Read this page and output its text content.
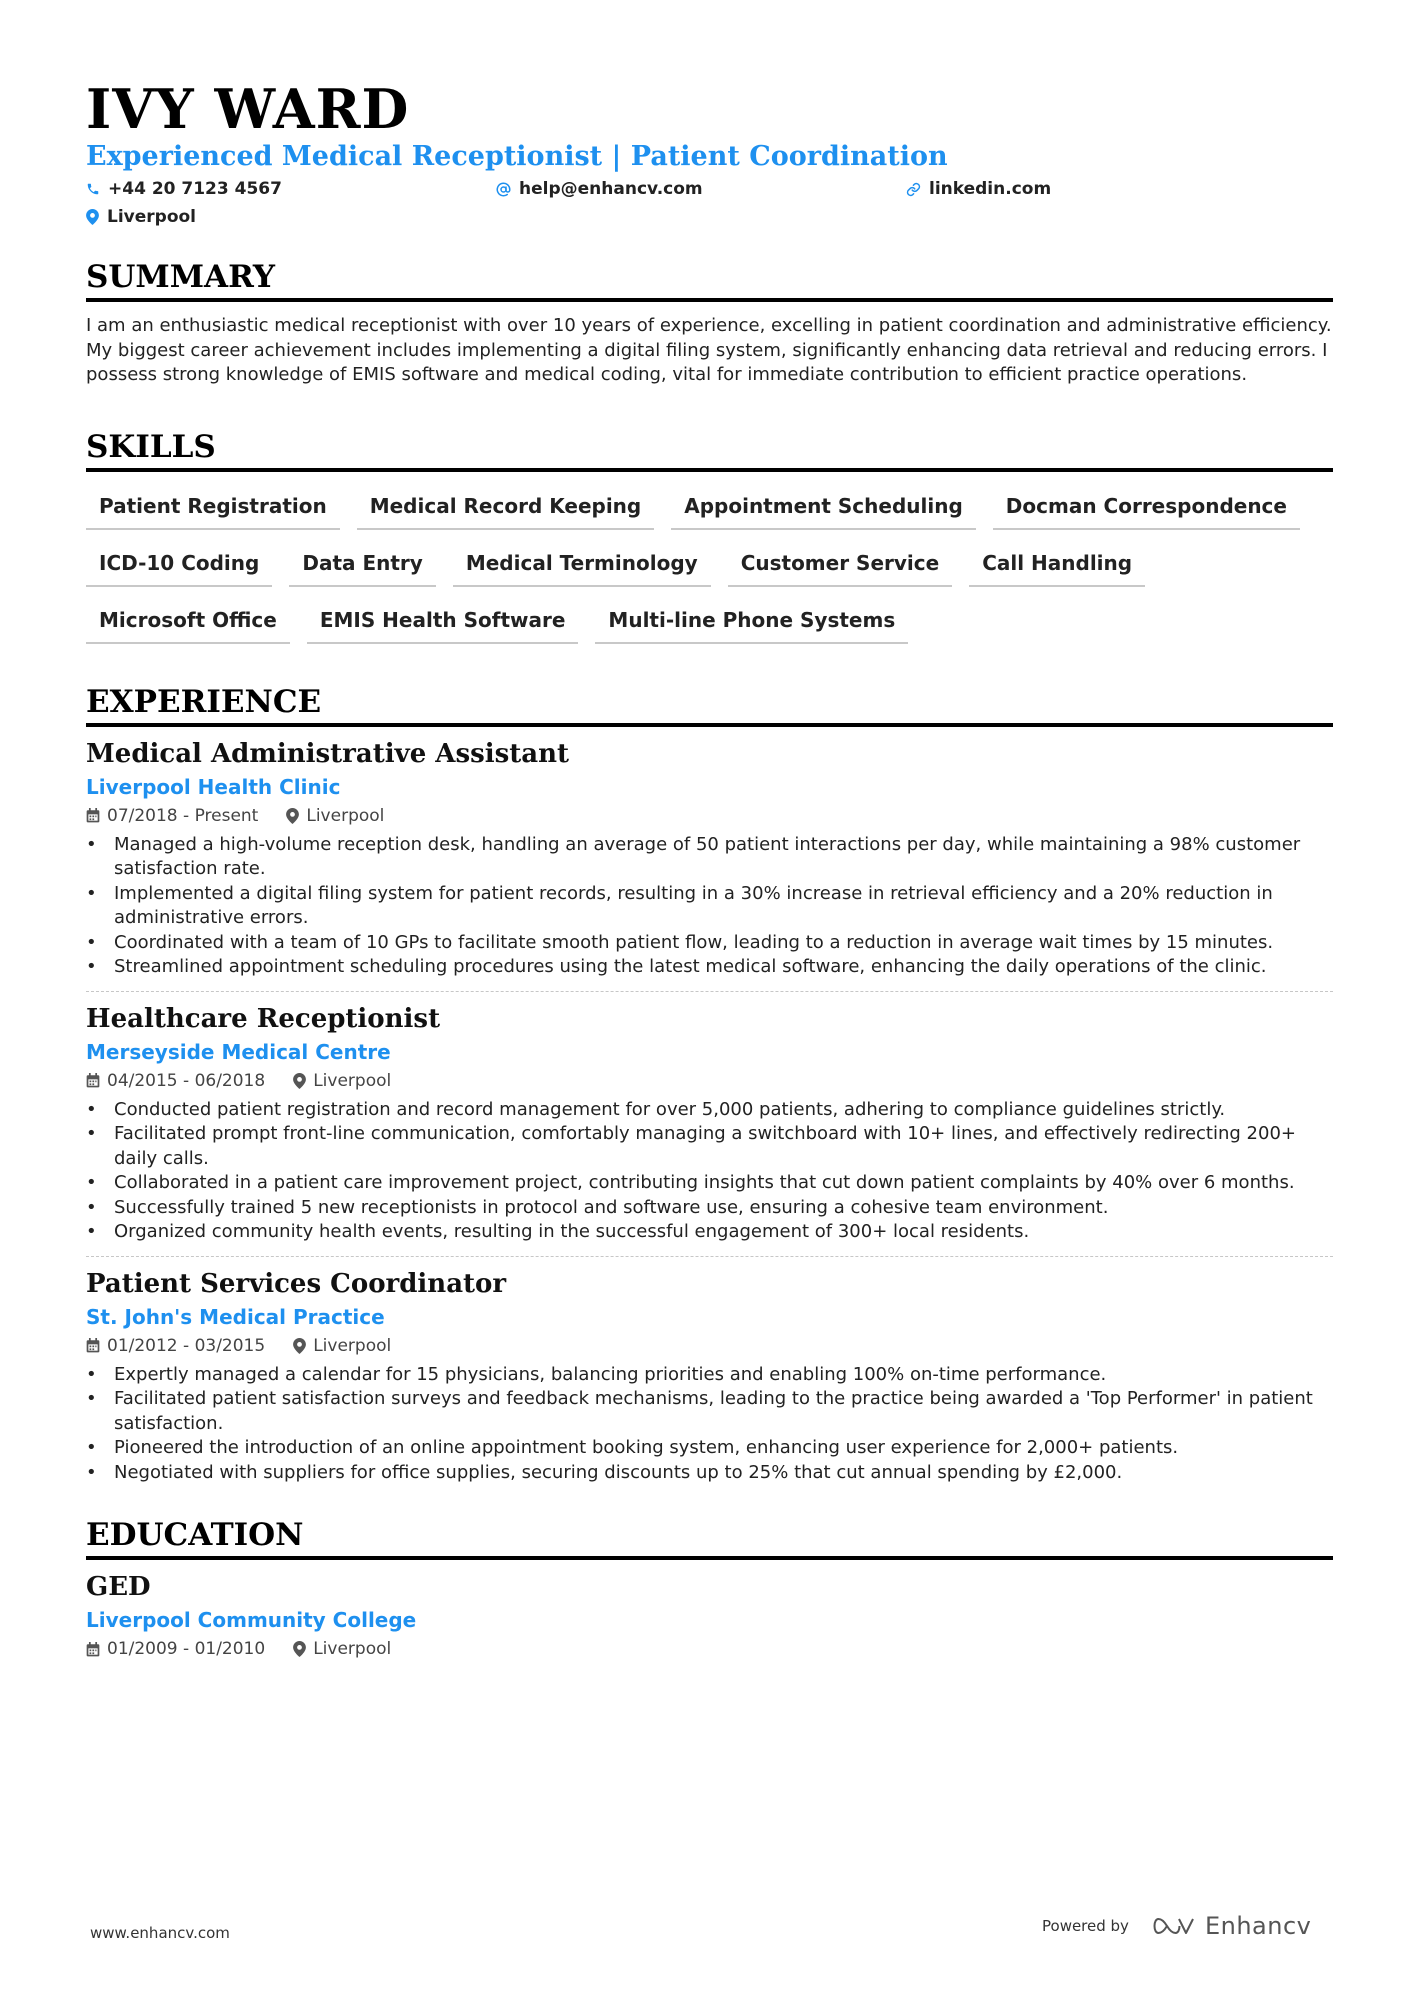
IVY WARD
Experienced Medical Receptionist | Patient Coordination
+44 20 7123 4567	help@enhancv.com	linkedin.com
Liverpool
SUMMARY
I am an enthusiastic medical receptionist with over 10 years of experience, excelling in patient coordination and administrative efficiency. My biggest career achievement includes implementing a digital filing system, significantly enhancing data retrieval and reducing errors. I possess strong knowledge of EMIS software and medical coding, vital for immediate contribution to efficient practice operations.
SKILLS
Patient Registration	Medical Record Keeping	Appointment Scheduling	Docman Correspondence
ICD-10 Coding	Data Entry	Medical Terminology	Customer Service	Call Handling
Microsoft Office	EMIS Health Software	Multi-line Phone Systems
EXPERIENCE
Medical Administrative Assistant
Liverpool Health Clinic
07/2018 - Present	Liverpool
• Managed a high-volume reception desk, handling an average of 50 patient interactions per day, while maintaining a 98% customer satisfaction rate.
• Implemented a digital filing system for patient records, resulting in a 30% increase in retrieval efficiency and a 20% reduction in administrative errors.
• Coordinated with a team of 10 GPs to facilitate smooth patient flow, leading to a reduction in average wait times by 15 minutes.
• Streamlined appointment scheduling procedures using the latest medical software, enhancing the daily operations of the clinic.
Healthcare Receptionist
Merseyside Medical Centre
04/2015 - 06/2018	Liverpool
• Conducted patient registration and record management for over 5,000 patients, adhering to compliance guidelines strictly.
• Facilitated prompt front-line communication, comfortably managing a switchboard with 10+ lines, and effectively redirecting 200+ daily calls.
• Collaborated in a patient care improvement project, contributing insights that cut down patient complaints by 40% over 6 months.
• Successfully trained 5 new receptionists in protocol and software use, ensuring a cohesive team environment.
• Organized community health events, resulting in the successful engagement of 300+ local residents.
Patient Services Coordinator
St. John's Medical Practice
01/2012 - 03/2015	Liverpool
• Expertly managed a calendar for 15 physicians, balancing priorities and enabling 100% on-time performance.
• Facilitated patient satisfaction surveys and feedback mechanisms, leading to the practice being awarded a 'Top Performer' in patient satisfaction.
• Pioneered the introduction of an online appointment booking system, enhancing user experience for 2,000+ patients.
• Negotiated with suppliers for office supplies, securing discounts up to 25% that cut annual spending by £2,000.
EDUCATION
GED
Liverpool Community College
01/2009 - 01/2010	Liverpool
www.enhancv.com	Powered by	Enhancv
